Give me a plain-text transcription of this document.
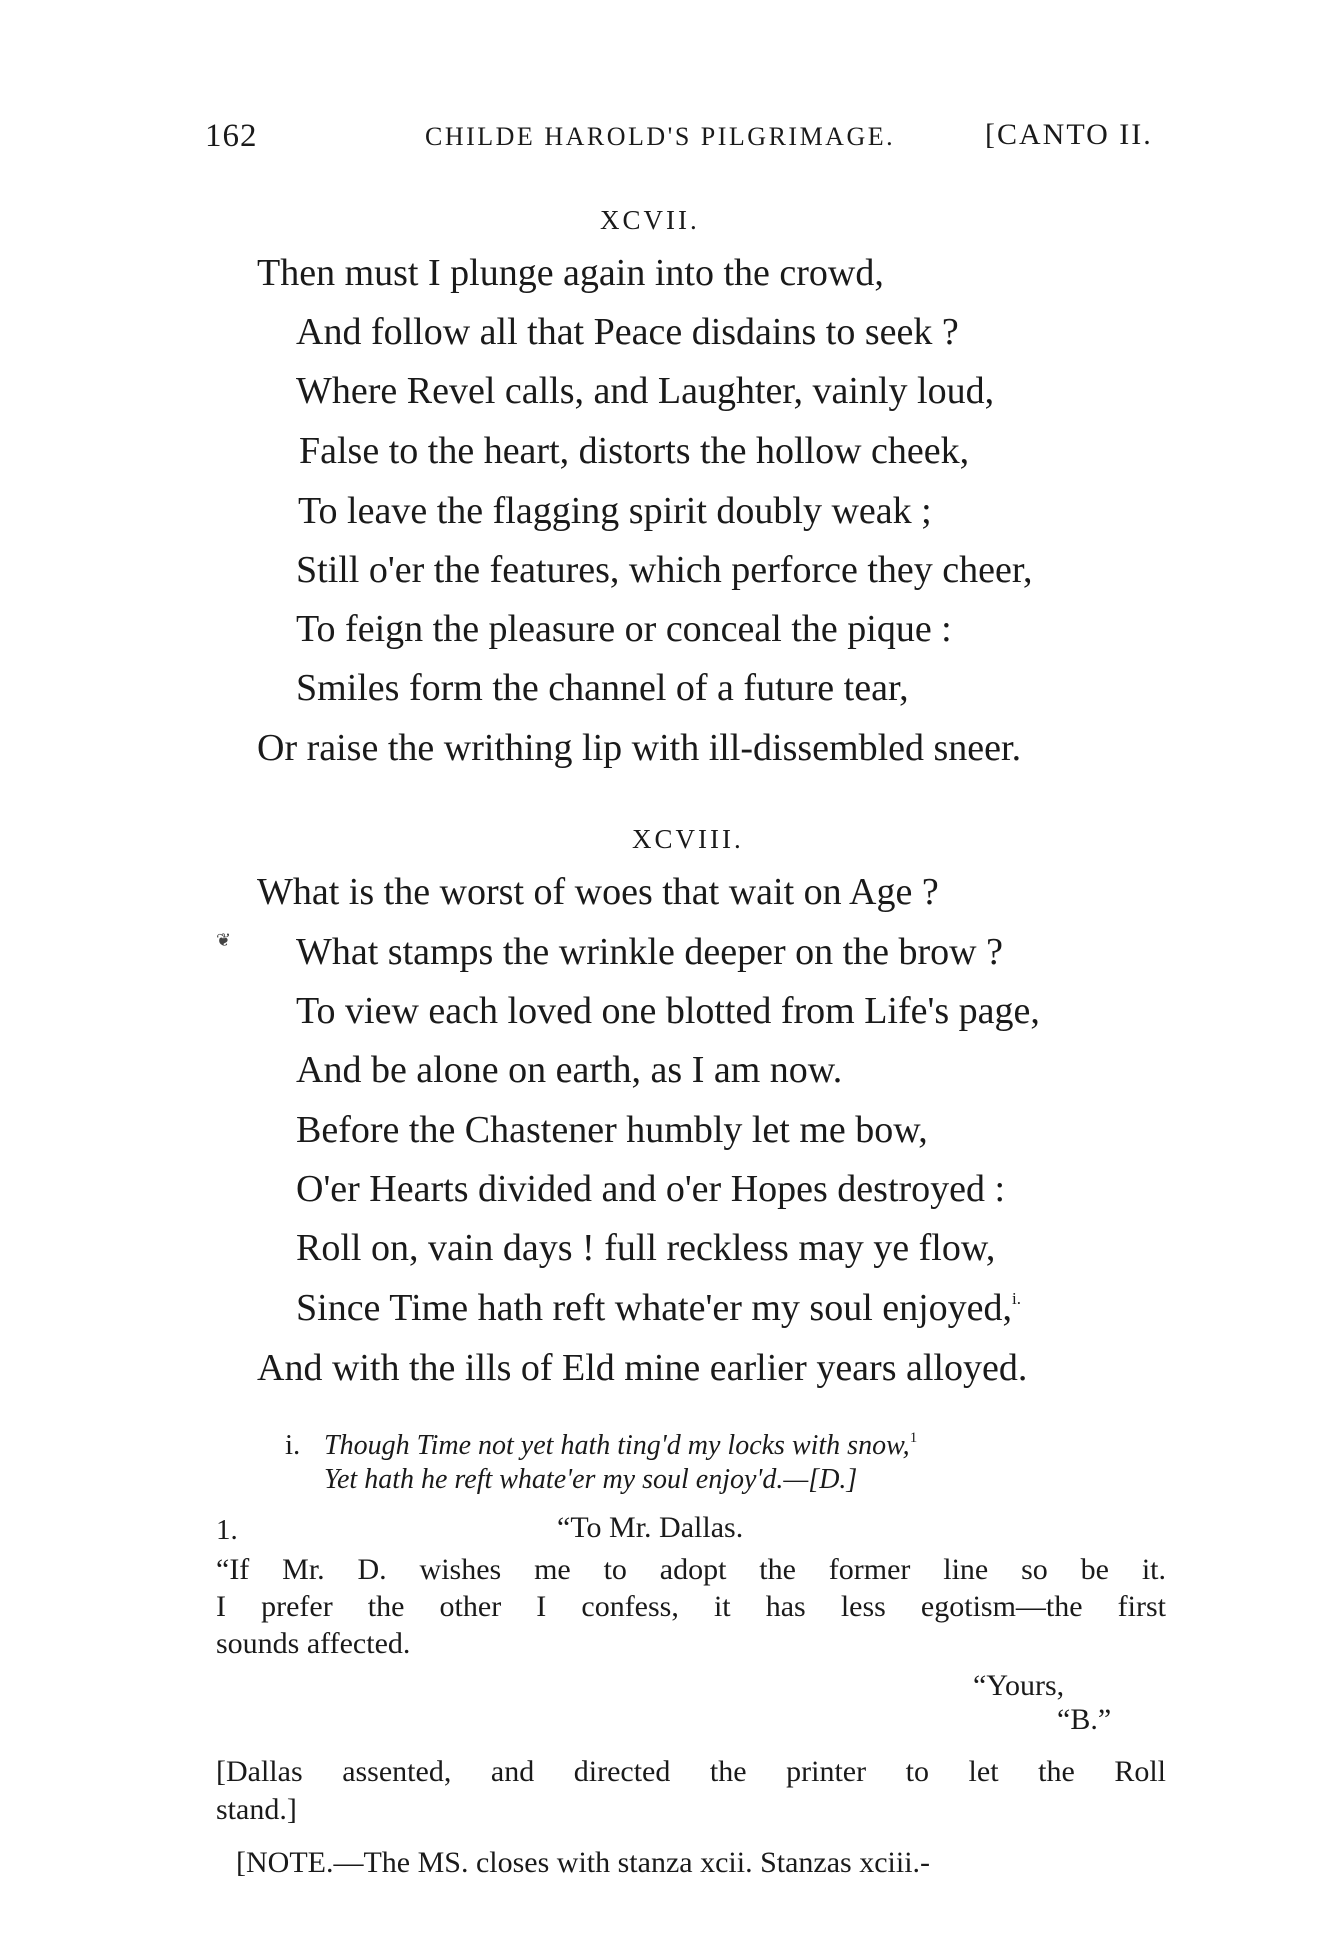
162	CHILDE HAROLD'S PILGRIMAGE.	[CANTO II.
XCVII.
Then must I plunge again into the crowd,
And follow all that Peace disdains to seek ?
Where Revel calls, and Laughter, vainly loud,
False to the heart, distorts the hollow cheek,
To leave the flagging spirit doubly weak ;
Still o'er the features, which perforce they cheer,
To feign the pleasure or conceal the pique :
Smiles form the channel of a future tear,
Or raise the writhing lip with ill-dissembled sneer.
XCVIII.
❦
What is the worst of woes that wait on Age ?
What stamps the wrinkle deeper on the brow ?
To view each loved one blotted from Life's page,
And be alone on earth, as I am now.
Before the Chastener humbly let me bow,
O'er Hearts divided and o'er Hopes destroyed :
Roll on, vain days ! full reckless may ye flow,
Since Time hath reft whate'er my soul enjoyed,$^{i.}$
And with the ills of Eld mine earlier years alloyed.
i. Though Time not yet hath ting'd my locks with snow,$^1$
Yet hath he reft whate'er my soul enjoy'd.—[D.]
1.	“To Mr. Dallas.
“If Mr. D. wishes me to adopt the former line so be it.
I prefer the other I confess, it has less egotism—the first
sounds affected.
“Yours,
“B.”
[Dallas assented, and directed the printer to let the Roll
stand.]
[NOTE.—The MS. closes with stanza xcii. Stanzas xciii.-
